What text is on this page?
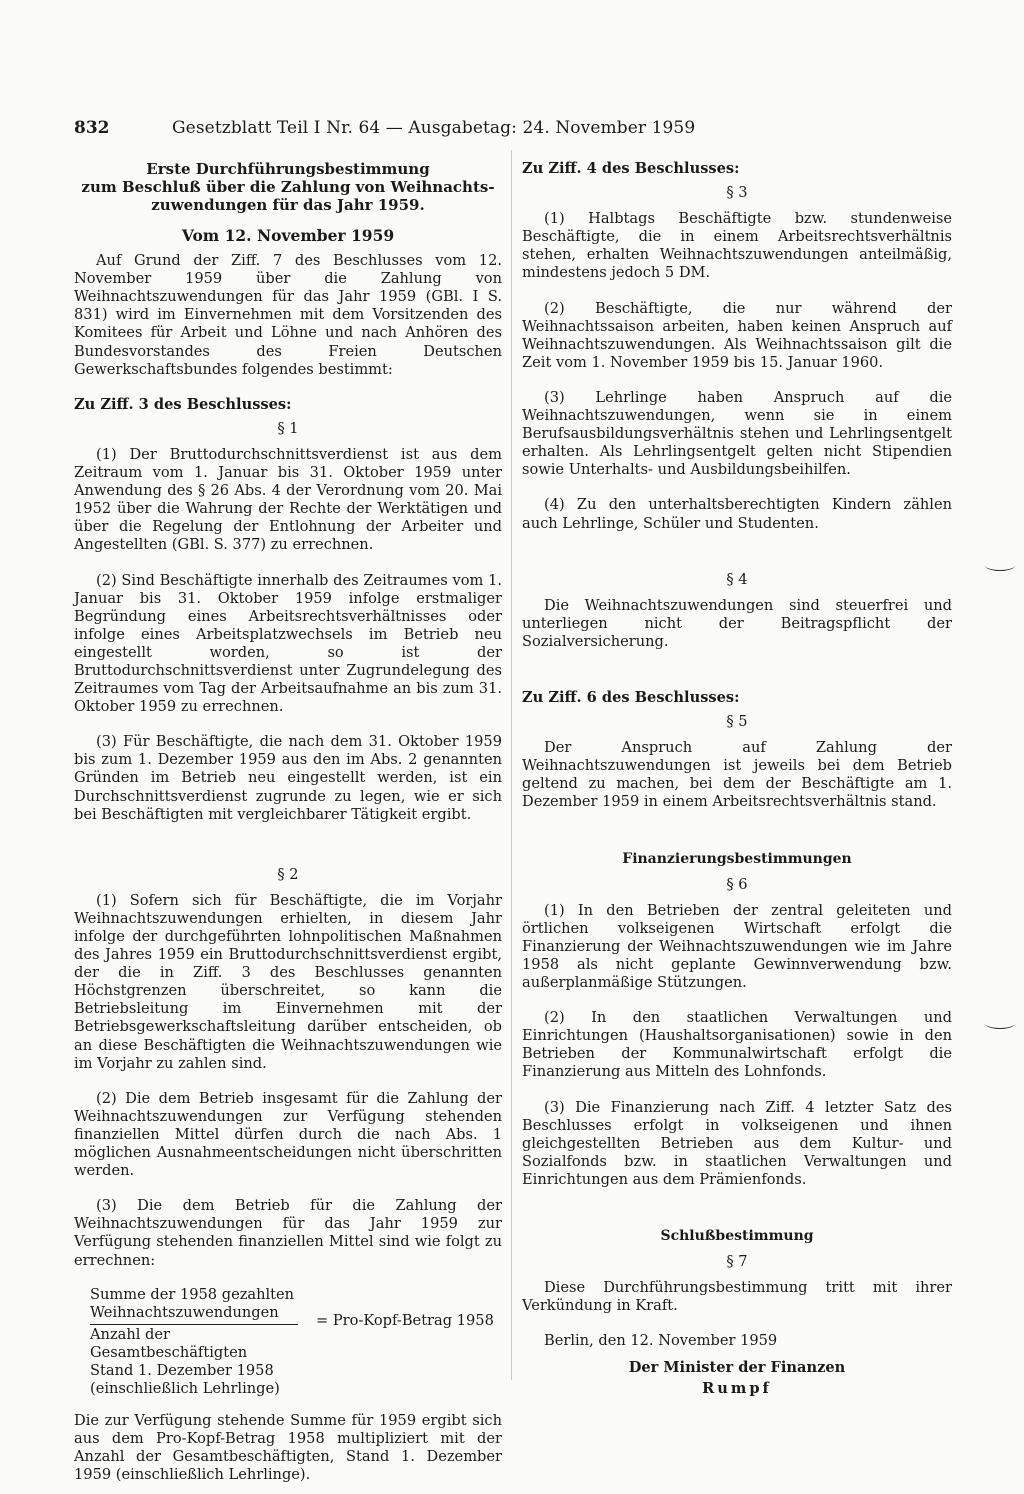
832	Gesetzblatt Teil I Nr. 64 — Ausgabetag: 24. November 1959
Erste Durchführungsbestimmung
zum Beschluß über die Zahlung von Weihnachts-
zuwendungen für das Jahr 1959.
Vom 12. November 1959

Auf Grund der Ziff. 7 des Beschlusses vom 12. November 1959 über die Zahlung von Weihnachtszuwendungen für das Jahr 1959 (GBl. I S. 831) wird im Einvernehmen mit dem Vorsitzenden des Komitees für Arbeit und Löhne und nach Anhören des Bundesvorstandes des Freien Deutschen Gewerkschaftsbundes folgendes bestimmt:

Zu Ziff. 3 des Beschlusses:
§ 1

(1) Der Bruttodurchschnittsverdienst ist aus dem Zeitraum vom 1. Januar bis 31. Oktober 1959 unter Anwendung des § 26 Abs. 4 der Verordnung vom 20. Mai 1952 über die Wahrung der Rechte der Werktätigen und über die Regelung der Entlohnung der Arbeiter und Angestellten (GBl. S. 377) zu errechnen.

(2) Sind Beschäftigte innerhalb des Zeitraumes vom 1. Januar bis 31. Oktober 1959 infolge erstmaliger Begründung eines Arbeitsrechtsverhältnisses oder infolge eines Arbeitsplatzwechsels im Betrieb neu eingestellt worden, so ist der Bruttodurchschnittsverdienst unter Zugrundelegung des Zeitraumes vom Tag der Arbeitsaufnahme an bis zum 31. Oktober 1959 zu errechnen.

(3) Für Beschäftigte, die nach dem 31. Oktober 1959 bis zum 1. Dezember 1959 aus den im Abs. 2 genannten Gründen im Betrieb neu eingestellt werden, ist ein Durchschnittsverdienst zugrunde zu legen, wie er sich bei Beschäftigten mit vergleichbarer Tätigkeit ergibt.

§ 2

(1) Sofern sich für Beschäftigte, die im Vorjahr Weihnachtszuwendungen erhielten, in diesem Jahr infolge der durchgeführten lohnpolitischen Maßnahmen des Jahres 1959 ein Bruttodurchschnittsverdienst ergibt, der die in Ziff. 3 des Beschlusses genannten Höchstgrenzen überschreitet, so kann die Betriebsleitung im Einvernehmen mit der Betriebsgewerkschaftsleitung darüber entscheiden, ob an diese Beschäftigten die Weihnachtszuwendungen wie im Vorjahr zu zahlen sind.

(2) Die dem Betrieb insgesamt für die Zahlung der Weihnachtszuwendungen zur Verfügung stehenden finanziellen Mittel dürfen durch die nach Abs. 1 möglichen Ausnahmeentscheidungen nicht überschritten werden.

(3) Die dem Betrieb für die Zahlung der Weihnachtszuwendungen für das Jahr 1959 zur Verfügung stehenden finanziellen Mittel sind wie folgt zu errechnen:

Summe der 1958 gezahlten
Weihnachtszuwendungen
Anzahl der
Gesamtbeschäftigten
Stand 1. Dezember 1958
(einschließlich Lehrlinge)
= Pro-Kopf-Betrag 1958

Die zur Verfügung stehende Summe für 1959 ergibt sich aus dem Pro-Kopf-Betrag 1958 multipliziert mit der Anzahl der Gesamtbeschäftigten, Stand 1. Dezember 1959 (einschließlich Lehrlinge).

Zu Ziff. 4 des Beschlusses:
§ 3

(1) Halbtags Beschäftigte bzw. stundenweise Beschäftigte, die in einem Arbeitsrechtsverhältnis stehen, erhalten Weihnachtszuwendungen anteilmäßig, mindestens jedoch 5 DM.

(2) Beschäftigte, die nur während der Weihnachtssaison arbeiten, haben keinen Anspruch auf Weihnachtszuwendungen. Als Weihnachtssaison gilt die Zeit vom 1. November 1959 bis 15. Januar 1960.

(3) Lehrlinge haben Anspruch auf die Weihnachtszuwendungen, wenn sie in einem Berufsausbildungsverhältnis stehen und Lehrlingsentgelt erhalten. Als Lehrlingsentgelt gelten nicht Stipendien sowie Unterhalts- und Ausbildungsbeihilfen.

(4) Zu den unterhaltsberechtigten Kindern zählen auch Lehrlinge, Schüler und Studenten.

§ 4

Die Weihnachtszuwendungen sind steuerfrei und unterliegen nicht der Beitragspflicht der Sozialversicherung.

Zu Ziff. 6 des Beschlusses:
§ 5

Der Anspruch auf Zahlung der Weihnachtszuwendungen ist jeweils bei dem Betrieb geltend zu machen, bei dem der Beschäftigte am 1. Dezember 1959 in einem Arbeitsrechtsverhältnis stand.

Finanzierungsbestimmungen
§ 6

(1) In den Betrieben der zentral geleiteten und örtlichen volkseigenen Wirtschaft erfolgt die Finanzierung der Weihnachtszuwendungen wie im Jahre 1958 als nicht geplante Gewinnverwendung bzw. außerplanmäßige Stützungen.

(2) In den staatlichen Verwaltungen und Einrichtungen (Haushaltsorganisationen) sowie in den Betrieben der Kommunalwirtschaft erfolgt die Finanzierung aus Mitteln des Lohnfonds.

(3) Die Finanzierung nach Ziff. 4 letzter Satz des Beschlusses erfolgt in volkseigenen und ihnen gleichgestellten Betrieben aus dem Kultur- und Sozialfonds bzw. in staatlichen Verwaltungen und Einrichtungen aus dem Prämienfonds.

Schlußbestimmung
§ 7

Diese Durchführungsbestimmung tritt mit ihrer Verkündung in Kraft.

Berlin, den 12. November 1959

Der Minister der Finanzen
Rumpf
